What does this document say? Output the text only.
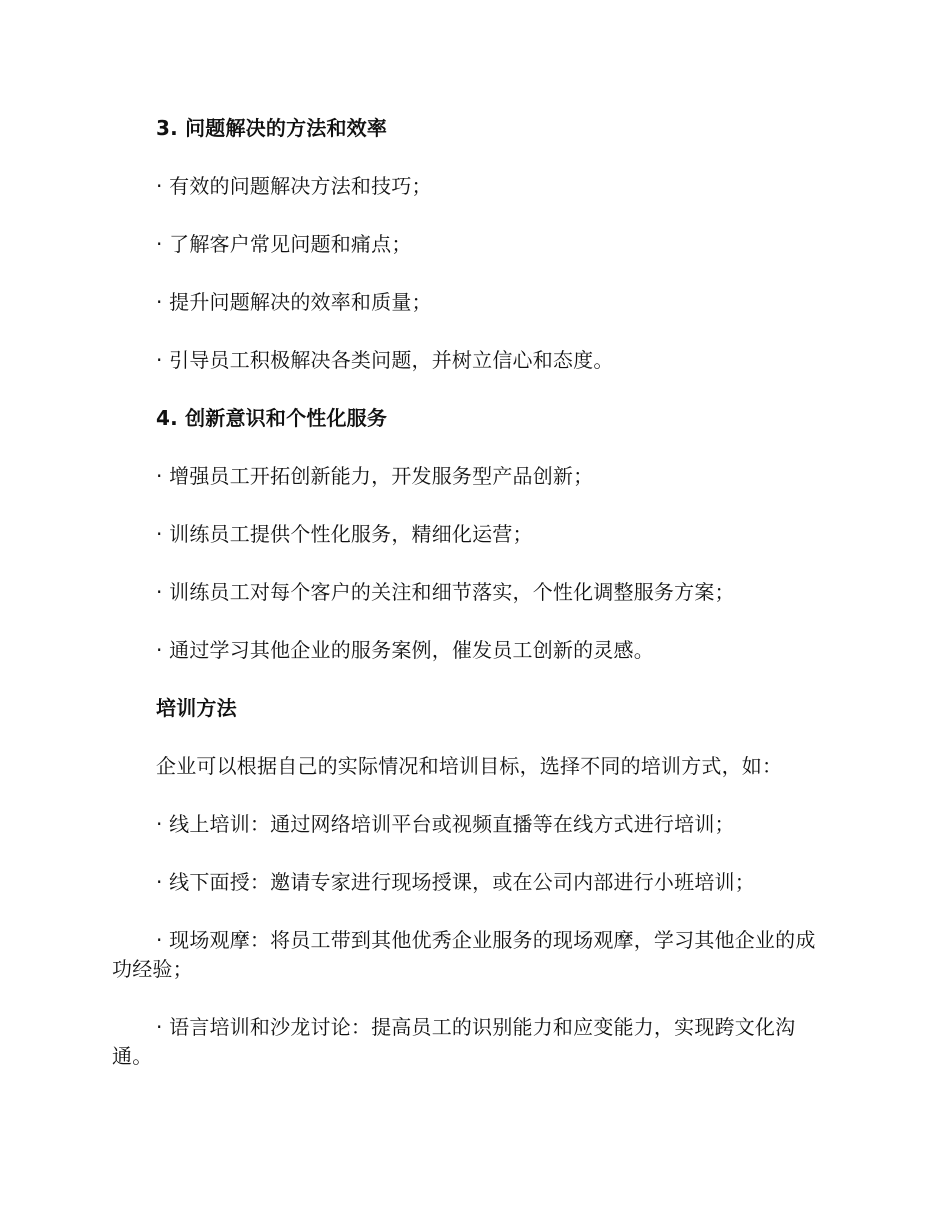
3. 问题解决的方法和效率

· 有效的问题解决方法和技巧；

· 了解客户常见问题和痛点；

· 提升问题解决的效率和质量；

· 引导员工积极解决各类问题，并树立信心和态度。

4. 创新意识和个性化服务

· 增强员工开拓创新能力，开发服务型产品创新；

· 训练员工提供个性化服务，精细化运营；

· 训练员工对每个客户的关注和细节落实，个性化调整服务方案；

· 通过学习其他企业的服务案例，催发员工创新的灵感。

培训方法

企业可以根据自己的实际情况和培训目标，选择不同的培训方式，如：

· 线上培训：通过网络培训平台或视频直播等在线方式进行培训；

· 线下面授：邀请专家进行现场授课，或在公司内部进行小班培训；

· 现场观摩：将员工带到其他优秀企业服务的现场观摩，学习其他企业的成功经验；

· 语言培训和沙龙讨论：提高员工的识别能力和应变能力，实现跨文化沟通。
